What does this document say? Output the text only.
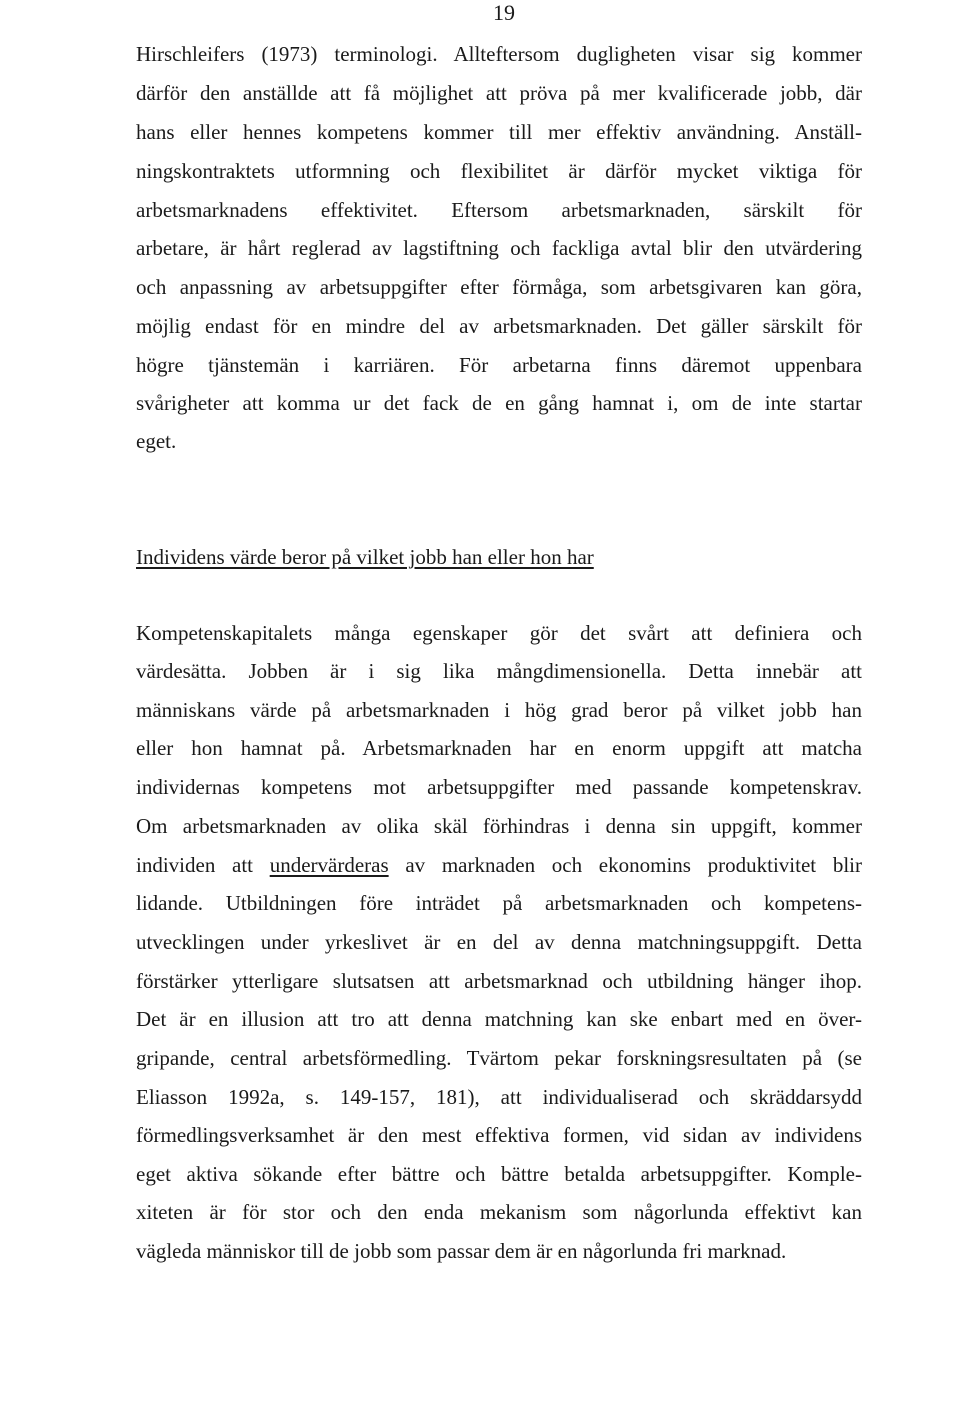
19
Hirschleifers (1973) terminologi. Allteftersom dugligheten visar sig kommer
därför den anställde att få möjlighet att pröva på mer kvalificerade jobb, där
hans eller hennes kompetens kommer till mer effektiv användning. Anställ-
ningskontraktets utformning och flexibilitet är därför mycket viktiga för
arbetsmarknadens effektivitet. Eftersom arbetsmarknaden, särskilt för
arbetare, är hårt reglerad av lagstiftning och fackliga avtal blir den utvärdering
och anpassning av arbetsuppgifter efter förmåga, som arbetsgivaren kan göra,
möjlig endast för en mindre del av arbetsmarknaden. Det gäller särskilt för
högre tjänstemän i karriären. För arbetarna finns däremot uppenbara
svårigheter att komma ur det fack de en gång hamnat i, om de inte startar
eget.
Individens värde beror på vilket jobb han eller hon har
Kompetenskapitalets många egenskaper gör det svårt att definiera och
värdesätta. Jobben är i sig lika mångdimensionella. Detta innebär att
människans värde på arbetsmarknaden i hög grad beror på vilket jobb han
eller hon hamnat på. Arbetsmarknaden har en enorm uppgift att matcha
individernas kompetens mot arbetsuppgifter med passande kompetenskrav.
Om arbetsmarknaden av olika skäl förhindras i denna sin uppgift, kommer
individen att undervärderas av marknaden och ekonomins produktivitet blir
lidande. Utbildningen före inträdet på arbetsmarknaden och kompetens-
utvecklingen under yrkeslivet är en del av denna matchningsuppgift. Detta
förstärker ytterligare slutsatsen att arbetsmarknad och utbildning hänger ihop.
Det är en illusion att tro att denna matchning kan ske enbart med en över-
gripande, central arbetsförmedling. Tvärtom pekar forskningsresultaten på (se
Eliasson 1992a, s. 149-157, 181), att individualiserad och skräddarsydd
förmedlingsverksamhet är den mest effektiva formen, vid sidan av individens
eget aktiva sökande efter bättre och bättre betalda arbetsuppgifter. Komple-
xiteten är för stor och den enda mekanism som någorlunda effektivt kan
vägleda människor till de jobb som passar dem är en någorlunda fri marknad.
